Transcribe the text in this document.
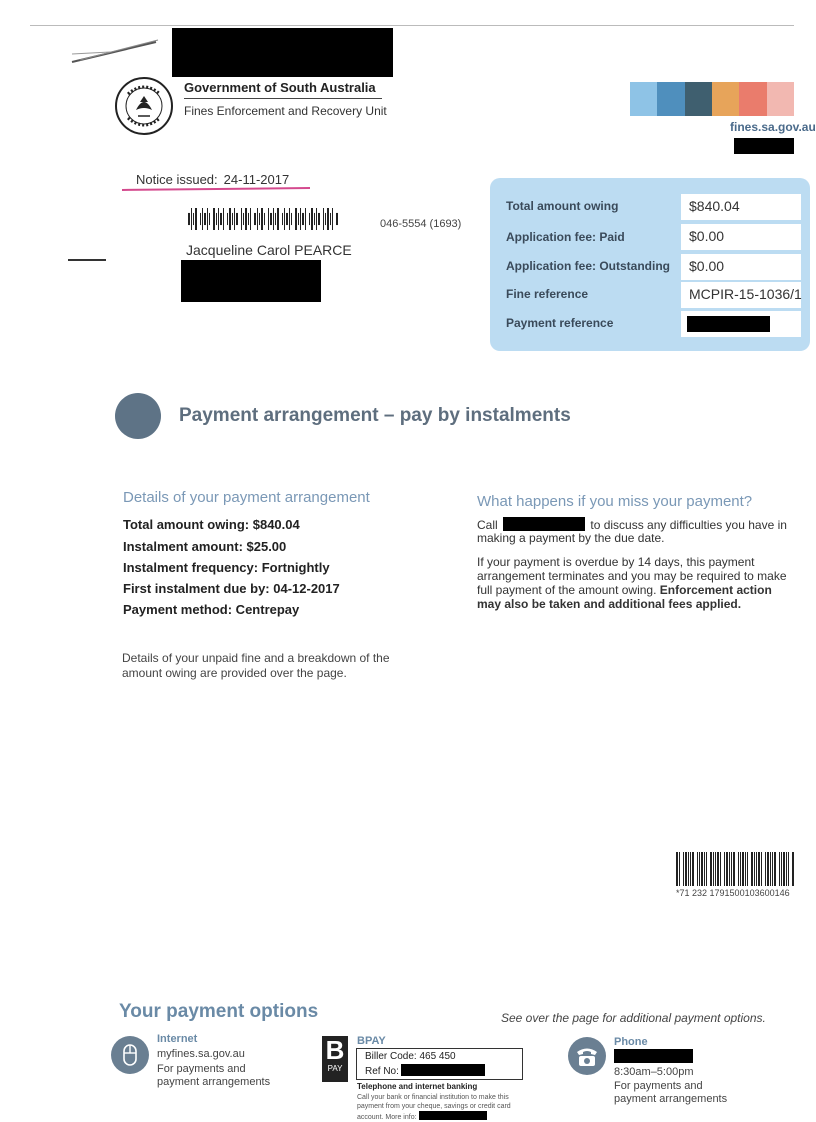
Government of South Australia
Fines Enforcement and Recovery Unit
fines.sa.gov.au
Notice issued: 24-11-2017
046-5554 (1693)
Jacqueline Carol PEARCE
Total amount owing	$840.04
Application fee: Paid	$0.00
Application fee: Outstanding	$0.00
Fine reference	MCPIR-15-1036/1
Payment reference
Payment arrangement – pay by instalments
Details of your payment arrangement
Total amount owing: $840.04
Instalment amount: $25.00
Instalment frequency: Fortnightly
First instalment due by: 04-12-2017
Payment method: Centrepay
Details of your unpaid fine and a breakdown of the amount owing are provided over the page.
What happens if you miss your payment?
Call	to discuss any difficulties you have in
making a payment by the due date.
If your payment is overdue by 14 days, this payment arrangement terminates and you may be required to make full payment of the amount owing. Enforcement action may also be taken and additional fees applied.
*71 232 1791500103600146
Your payment options	See over the page for additional payment options.
Internet
myfines.sa.gov.au
For payments and payment arrangements
B
PAY
BPAY
Biller Code: 465 450
Ref No:
Telephone and internet banking
Call your bank or financial institution to make this payment from your cheque, savings or credit card account. More info:
Phone
8:30am–5:00pm
For payments and payment arrangements
